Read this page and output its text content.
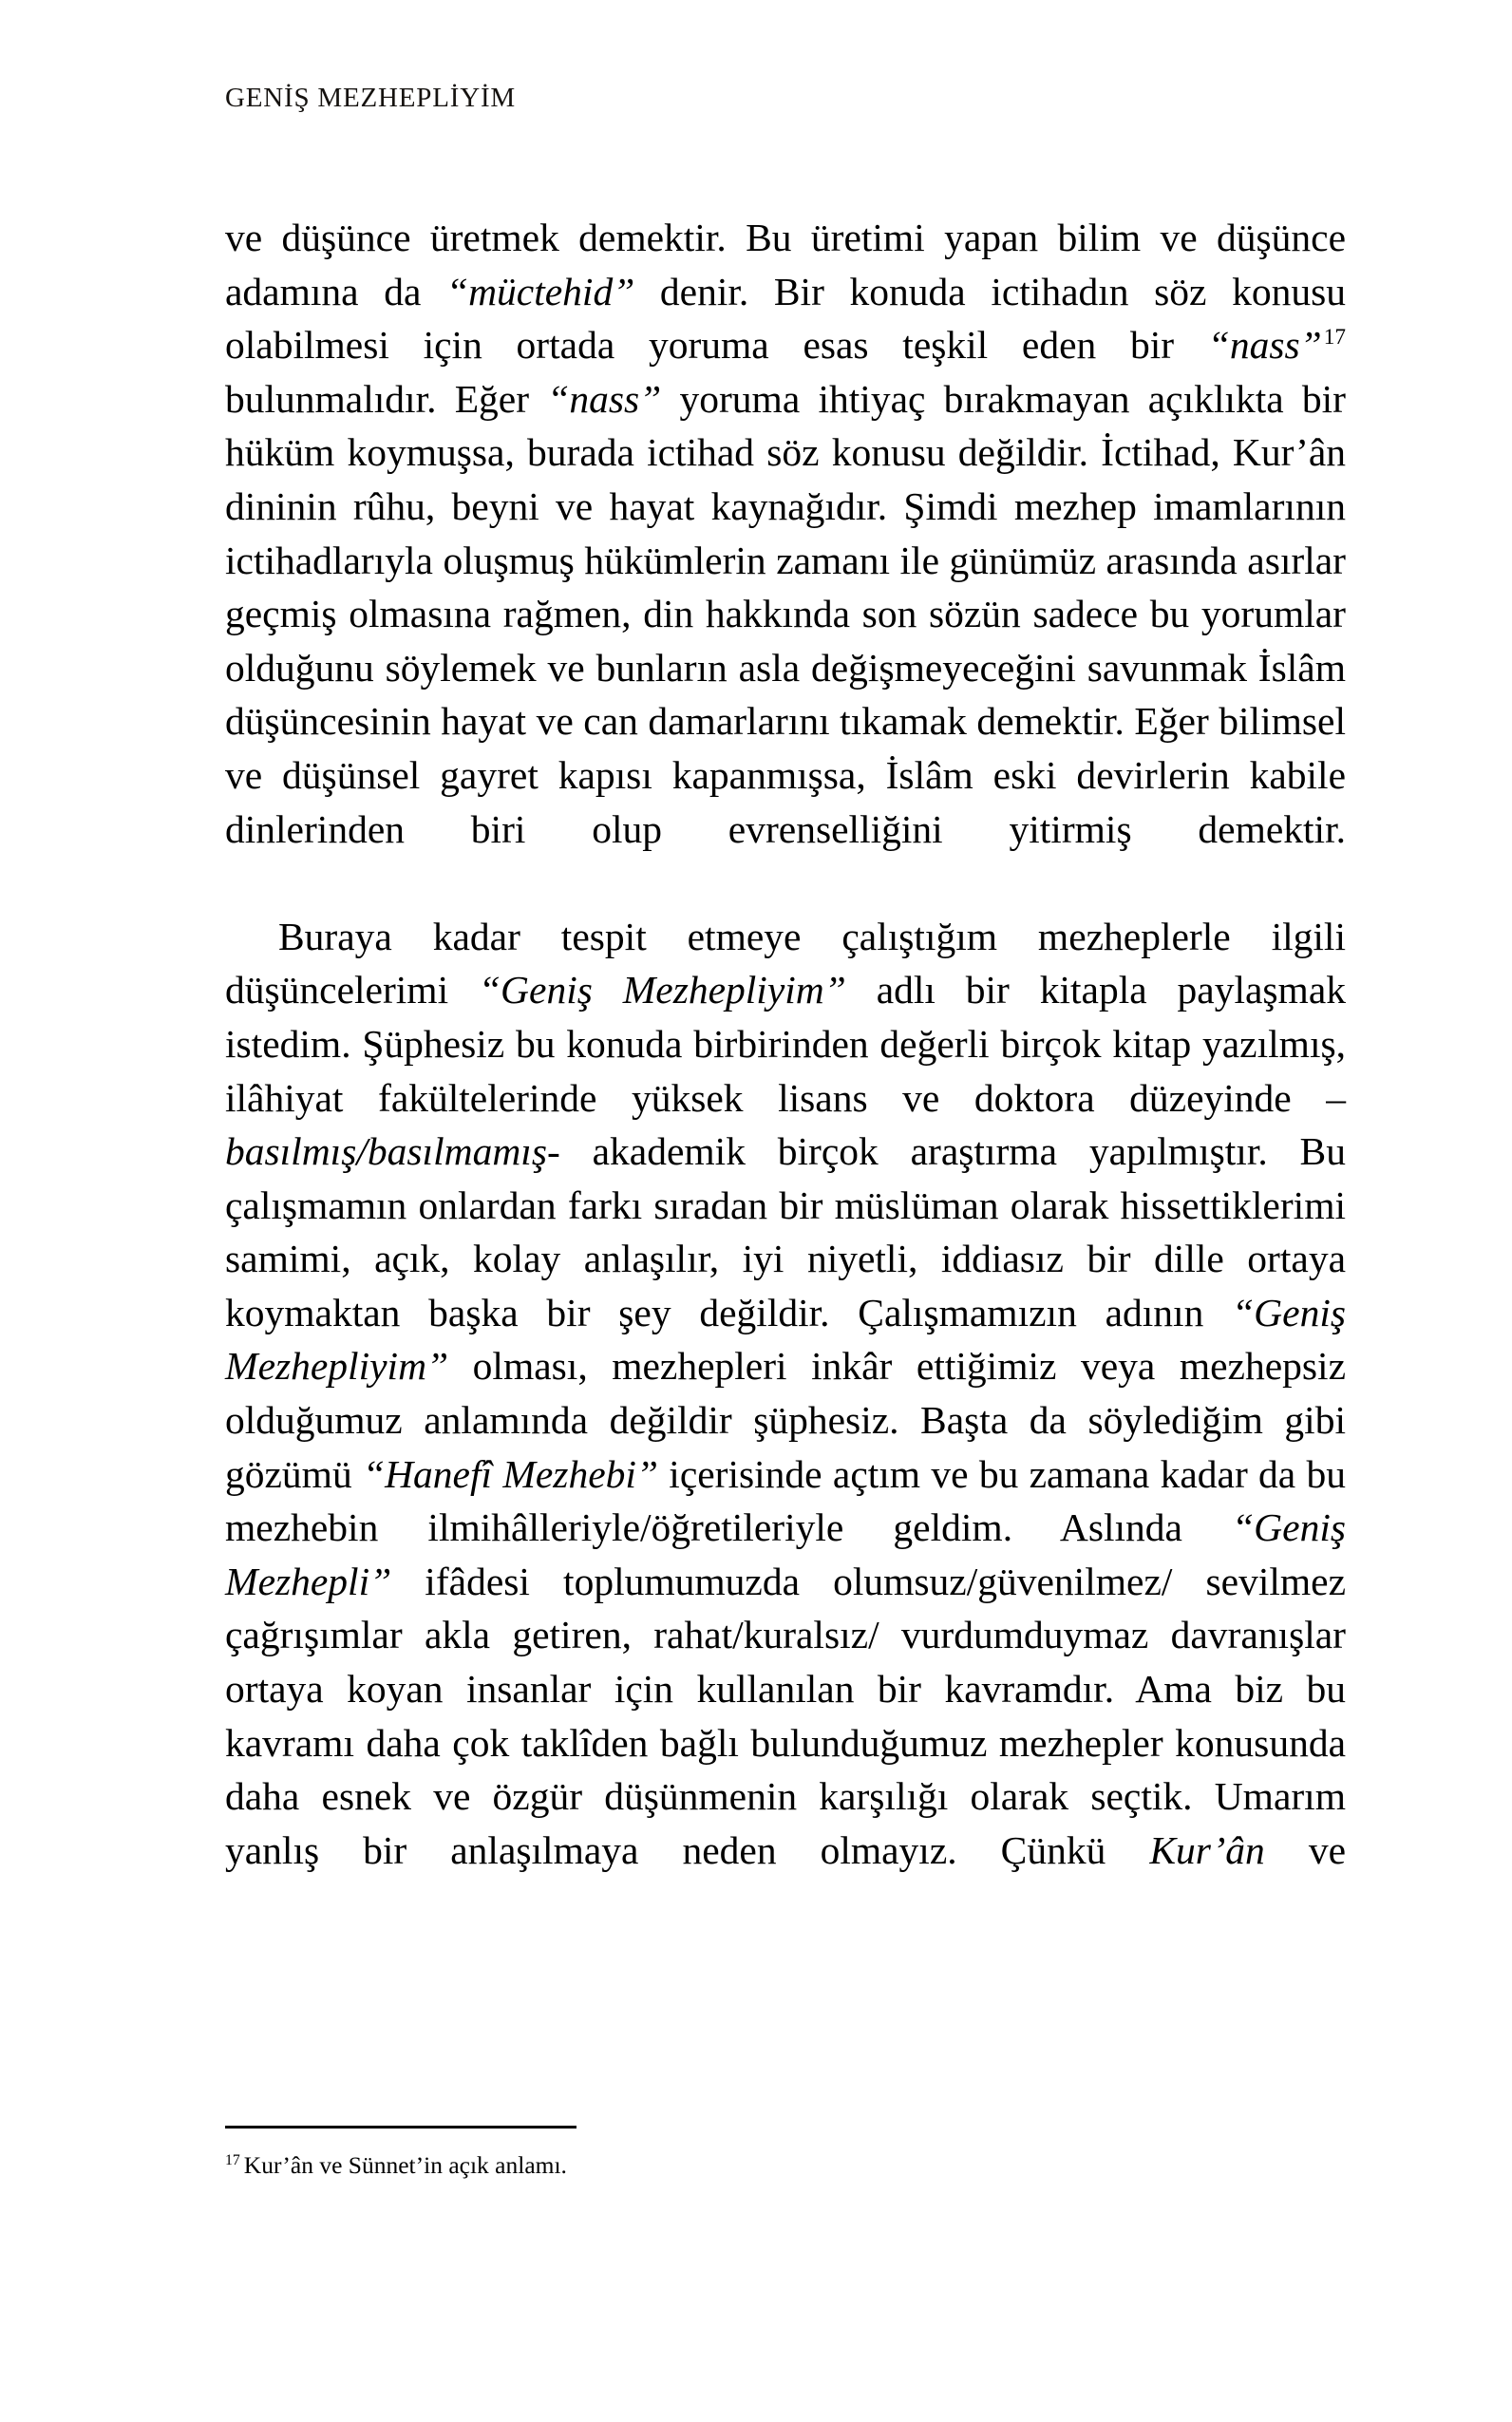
GENİŞ MEZHEPLİYİM

ve düşünce üretmek demektir. Bu üretimi yapan bilim ve düşünce adamına da “müctehid” denir. Bir konuda ictihadın söz konusu olabilmesi için ortada yoruma esas teşkil eden bir “nass”$^{17}$ bulunmalıdır. Eğer “nass” yoruma ihtiyaç bırakmayan açıklıkta bir hüküm koymuşsa, burada ictihad söz konusu değildir. İctihad, Kur’ân dininin rûhu, beyni ve hayat kaynağıdır. Şimdi mezhep imamlarının ictihadlarıyla oluşmuş hükümlerin zamanı ile günümüz arasında asırlar geçmiş olmasına rağmen, din hakkında son sözün sadece bu yorumlar olduğunu söylemek ve bunların asla değişmeyeceğini savunmak İslâm düşüncesinin hayat ve can damarlarını tıkamak demektir. Eğer bilimsel ve düşünsel gayret kapısı kapanmışsa, İslâm eski devirlerin kabile dinlerinden biri olup evrenselliğini yitirmiş demektir.

Buraya kadar tespit etmeye çalıştığım mezheplerle ilgili düşüncelerimi “Geniş Mezhepliyim” adlı bir kitapla paylaşmak istedim. Şüphesiz bu konuda birbirinden değerli birçok kitap yazılmış, ilâhiyat fakültelerinde yüksek lisans ve doktora düzeyinde –basılmış/basılmamış- akademik birçok araştırma yapılmıştır. Bu çalışmamın onlardan farkı sıradan bir müslüman olarak hissettiklerimi samimi, açık, kolay anlaşılır, iyi niyetli, iddiasız bir dille ortaya koymaktan başka bir şey değildir. Çalışmamızın adının “Geniş Mezhepliyim” olması, mezhepleri inkâr ettiğimiz veya mezhepsiz olduğumuz anlamında değildir şüphesiz. Başta da söylediğim gibi gözümü “Hanefî Mezhebi” içerisinde açtım ve bu zamana kadar da bu mezhebin ilmihâlleriyle/öğretileriyle geldim. Aslında “Geniş Mezhepli” ifâdesi toplumumuzda olumsuz/güvenilmez/ sevilmez çağrışımlar akla getiren, rahat/kuralsız/ vurdumduymaz davranışlar ortaya koyan insanlar için kullanılan bir kavramdır. Ama biz bu kavramı daha çok taklîden bağlı bulunduğumuz mezhepler konusunda daha esnek ve özgür düşünmenin karşılığı olarak seçtik. Umarım yanlış bir anlaşılmaya neden olmayız. Çünkü Kur’ân ve

$^{17}$ Kur’ân ve Sünnet’in açık anlamı.
